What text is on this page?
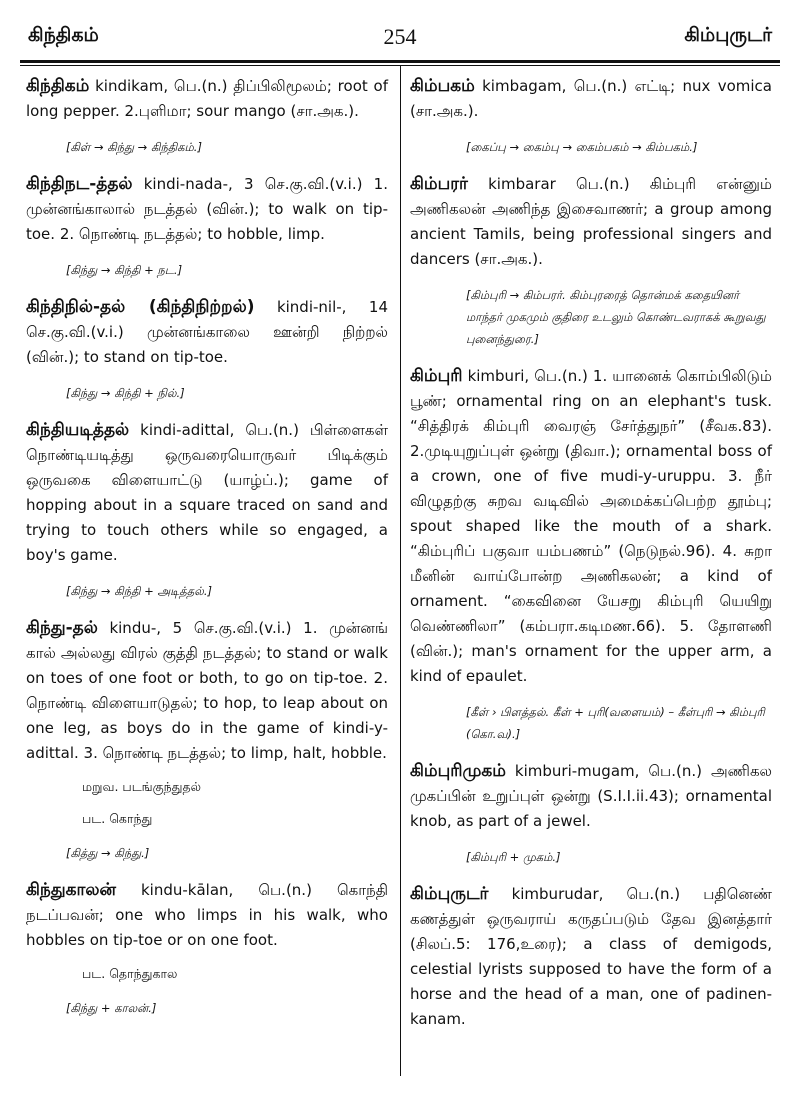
கிந்திகம்	254	கிம்புருடர்

கிந்திகம் kindikam, பெ.(n.) திப்பிலிமூலம்; root of long pepper. 2.புளிமா; sour mango (சா.அக.).

[கிள் → கிந்து → கிந்திகம்.]

கிந்திநட-த்தல் kindi-nada-, 3 செ.கு.வி.(v.i.) 1. முன்னங்காலால் நடத்தல் (வின்.); to walk on tip-toe. 2. நொண்டி நடத்தல்; to hobble, limp.

[கிந்து → கிந்தி + நட.]

கிந்திநில்-தல் (கிந்திநிற்றல்) kindi-nil-, 14 செ.கு.வி.(v.i.) முன்னங்காலை ஊன்றி நிற்றல் (வின்.); to stand on tip-toe.

[கிந்து → கிந்தி + நில்.]

கிந்தியடித்தல் kindi-adittal, பெ.(n.) பிள்ளைகள் நொண்டியடித்து ஒருவரையொருவர் பிடிக்கும் ஒருவகை விளையாட்டு (யாழ்ப்.); game of hopping about in a square traced on sand and trying to touch others while so engaged, a boy's game.

[கிந்து → கிந்தி + அடித்தல்.]

கிந்து-தல் kindu-, 5 செ.கு.வி.(v.i.) 1. முன்னங் கால் அல்லது விரல் குத்தி நடத்தல்; to stand or walk on toes of one foot or both, to go on tip-toe. 2. நொண்டி விளையாடுதல்; to hop, to leap about on one leg, as boys do in the game of kindi-y-adittal. 3. நொண்டி நடத்தல்; to limp, halt, hobble.

மறுவ. படங்குந்துதல்
பட. கொந்து
[கித்து → கிந்து.]

கிந்துகாலன் kindu-kālan, பெ.(n.) கொந்தி நடப்பவன்; one who limps in his walk, who hobbles on tip-toe or on one foot.

பட. தொந்துகால
[கிந்து + காலன்.]

கிம்பகம் kimbagam, பெ.(n.) எட்டி; nux vomica (சா.அக.).

[கைப்பு → கைம்பு → கைம்பகம் → கிம்பகம்.]

கிம்பரர் kimbarar பெ.(n.) கிம்புரி என்னும் அணிகலன் அணிந்த இசைவாணர்; a group among ancient Tamils, being professional singers and dancers (சா.அக.).

[கிம்புரி → கிம்பரர். கிம்புரரைத் தொன்மக் கதையினர் மாந்தர் முகமும் குதிரை உடலும் கொண்டவராகக் கூறுவது புனைந்துரை.]

கிம்புரி kimburi, பெ.(n.) 1. யானைக் கொம்பிலிடும் பூண்; ornamental ring on an elephant's tusk. “சித்திரக் கிம்புரி வைரஞ் சேர்த்துநர்” (சீவக.83). 2.முடியுறுப்புள் ஒன்று (திவா.); ornamental boss of a crown, one of five mudi-y-uruppu. 3. நீர் விழுதற்கு சுறவ வடிவில் அமைக்கப்பெற்ற தூம்பு; spout shaped like the mouth of a shark. “கிம்புரிப் பகுவா யம்பணம்” (நெடுநல்.96). 4. சுறா மீனின் வாய்போன்ற அணிகலன்; a kind of ornament. “கைவினை யேசறு கிம்புரி யெயிறு வெண்ணிலா” (கம்பரா.கடிமண.66). 5. தோளணி (வின்.); man's ornament for the upper arm, a kind of epaulet.

[கீள் › பிளத்தல். கீள் + புரி(வளையம்) – கீள்புரி → கிம்புரி (கொ.வ).]

கிம்புரிமுகம் kimburi-mugam, பெ.(n.) அணிகல முகப்பின் உறுப்புள் ஒன்று (S.I.I.ii.43); ornamental knob, as part of a jewel.

[கிம்புரி + முகம்.]

கிம்புருடர் kimburudar, பெ.(n.) பதினெண் கணத்துள் ஒருவராய் கருதப்படும் தேவ இனத்தார் (சிலப்.5: 176,உரை); a class of demigods, celestial lyrists supposed to have the form of a horse and the head of a man, one of padinen-kanam.
